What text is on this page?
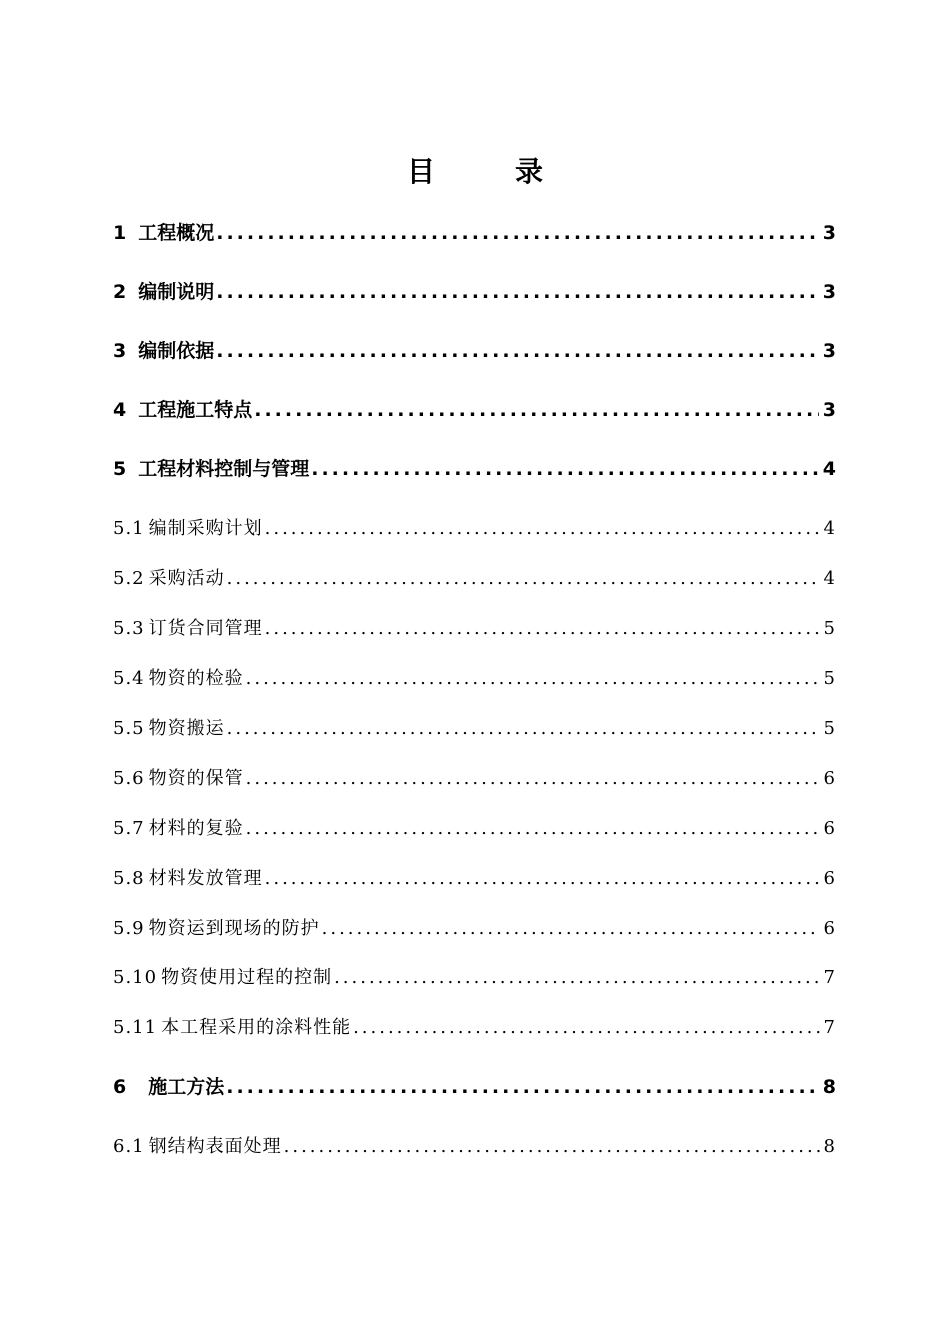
目	录
1 工程概况 .....	3
2 编制说明 .....	3
3 编制依据 .....	3
4 工程施工特点 .....	3
5 工程材料控制与管理 .....	4
5.1 编制采购计划 .....	4
5.2 采购活动 .....	4
5.3 订货合同管理 .....	5
5.4 物资的检验 .....	5
5.5 物资搬运 .....	5
5.6 物资的保管 .....	6
5.7 材料的复验 .....	6
5.8 材料发放管理 .....	6
5.9 物资运到现场的防护 .....	6
5.10 物资使用过程的控制 .....	7
5.11 本工程采用的涂料性能 .....	7
6 施工方法 .....	8
6.1 钢结构表面处理 .....	8
